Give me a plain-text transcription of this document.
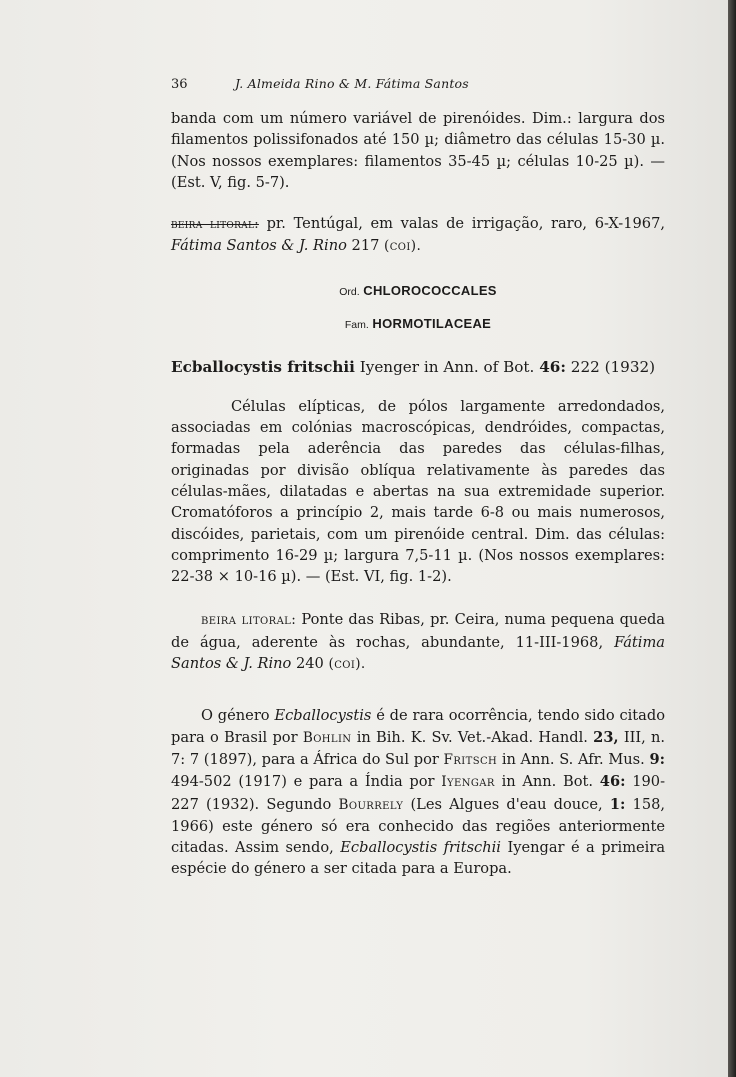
36	J. Almeida Rino & M. Fátima Santos

banda com um número variável de pirenóides. Dim.: largura dos filamentos polissifonados até 150 µ; diâmetro das células 15-30 µ. (Nos nossos exemplares: filamentos 35-45 µ; células 10-25 µ). — (Est. V, fig. 5-7).

beira litoral: pr. Tentúgal, em valas de irrigação, raro, 6-X-1967, Fátima Santos & J. Rino 217 (coi).

Ord. CHLOROCOCCALES
Fam. HORMOTILACEAE
Ecballocystis fritschii Iyenger in Ann. of Bot. 46: 222 (1932)

Células elípticas, de pólos largamente arredondados, associadas em colónias macroscópicas, dendróides, compactas, formadas pela aderência das paredes das células-filhas, originadas por divisão oblíqua relativamente às paredes das células-mães, dilatadas e abertas na sua extremidade superior. Cromatóforos a princípio 2, mais tarde 6-8 ou mais numerosos, discóides, parietais, com um pirenóide central. Dim. das células: comprimento 16-29 µ; largura 7,5-11 µ. (Nos nossos exemplares: 22-38 × 10-16 µ). — (Est. VI, fig. 1-2).

beira litoral: Ponte das Ribas, pr. Ceira, numa pequena queda de água, aderente às rochas, abundante, 11-III-1968, Fátima Santos & J. Rino 240 (coi).

O género Ecballocystis é de rara ocorrência, tendo sido citado para o Brasil por Bohlin in Bih. K. Sv. Vet.-Akad. Handl. 23, III, n. 7: 7 (1897), para a África do Sul por Fritsch in Ann. S. Afr. Mus. 9: 494-502 (1917) e para a Índia por Iyengar in Ann. Bot. 46: 190-227 (1932). Segundo Bourrely (Les Algues d'eau douce, 1: 158, 1966) este género só era conhecido das regiões anteriormente citadas. Assim sendo, Ecballocystis fritschii Iyengar é a primeira espécie do género a ser citada para a Europa.
